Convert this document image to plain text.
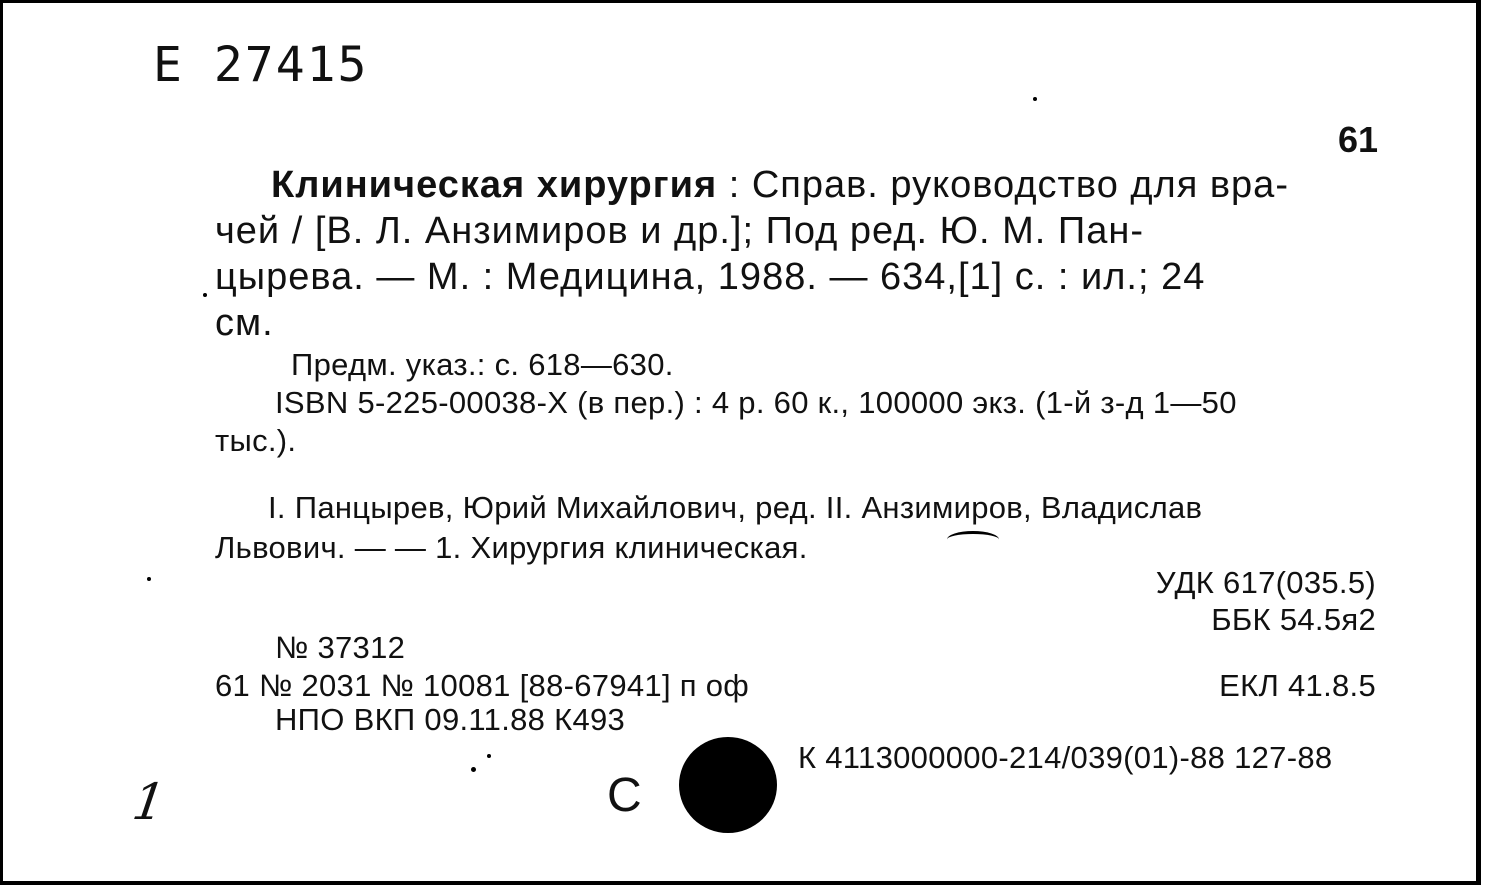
Е 27415
61
Клиническая хирургия : Справ. руководство для вра-
чей / [В. Л. Анзимиров и др.]; Под ред. Ю. М. Пан-
цырева. — М. : Медицина, 1988. — 634,[1] с. : ил.; 24
см.
Предм. указ.: с. 618—630.
ISBN 5-225-00038-X (в пер.) : 4 р. 60 к., 100000 экз. (1-й з-д 1—50
тыс.).
I. Панцырев, Юрий Михайлович, ред. II. Анзимиров, Владислав
Львович. — — 1. Хирургия клиническая.
УДК 617(035.5)
ББК 54.5я2
№ 37312
61 № 2031 № 10081 [88-67941] п оф	ЕКЛ 41.8.5
НПО ВКП 09.11.88 К493
С
К 4113000000-214/039(01)-88 127-88
1
